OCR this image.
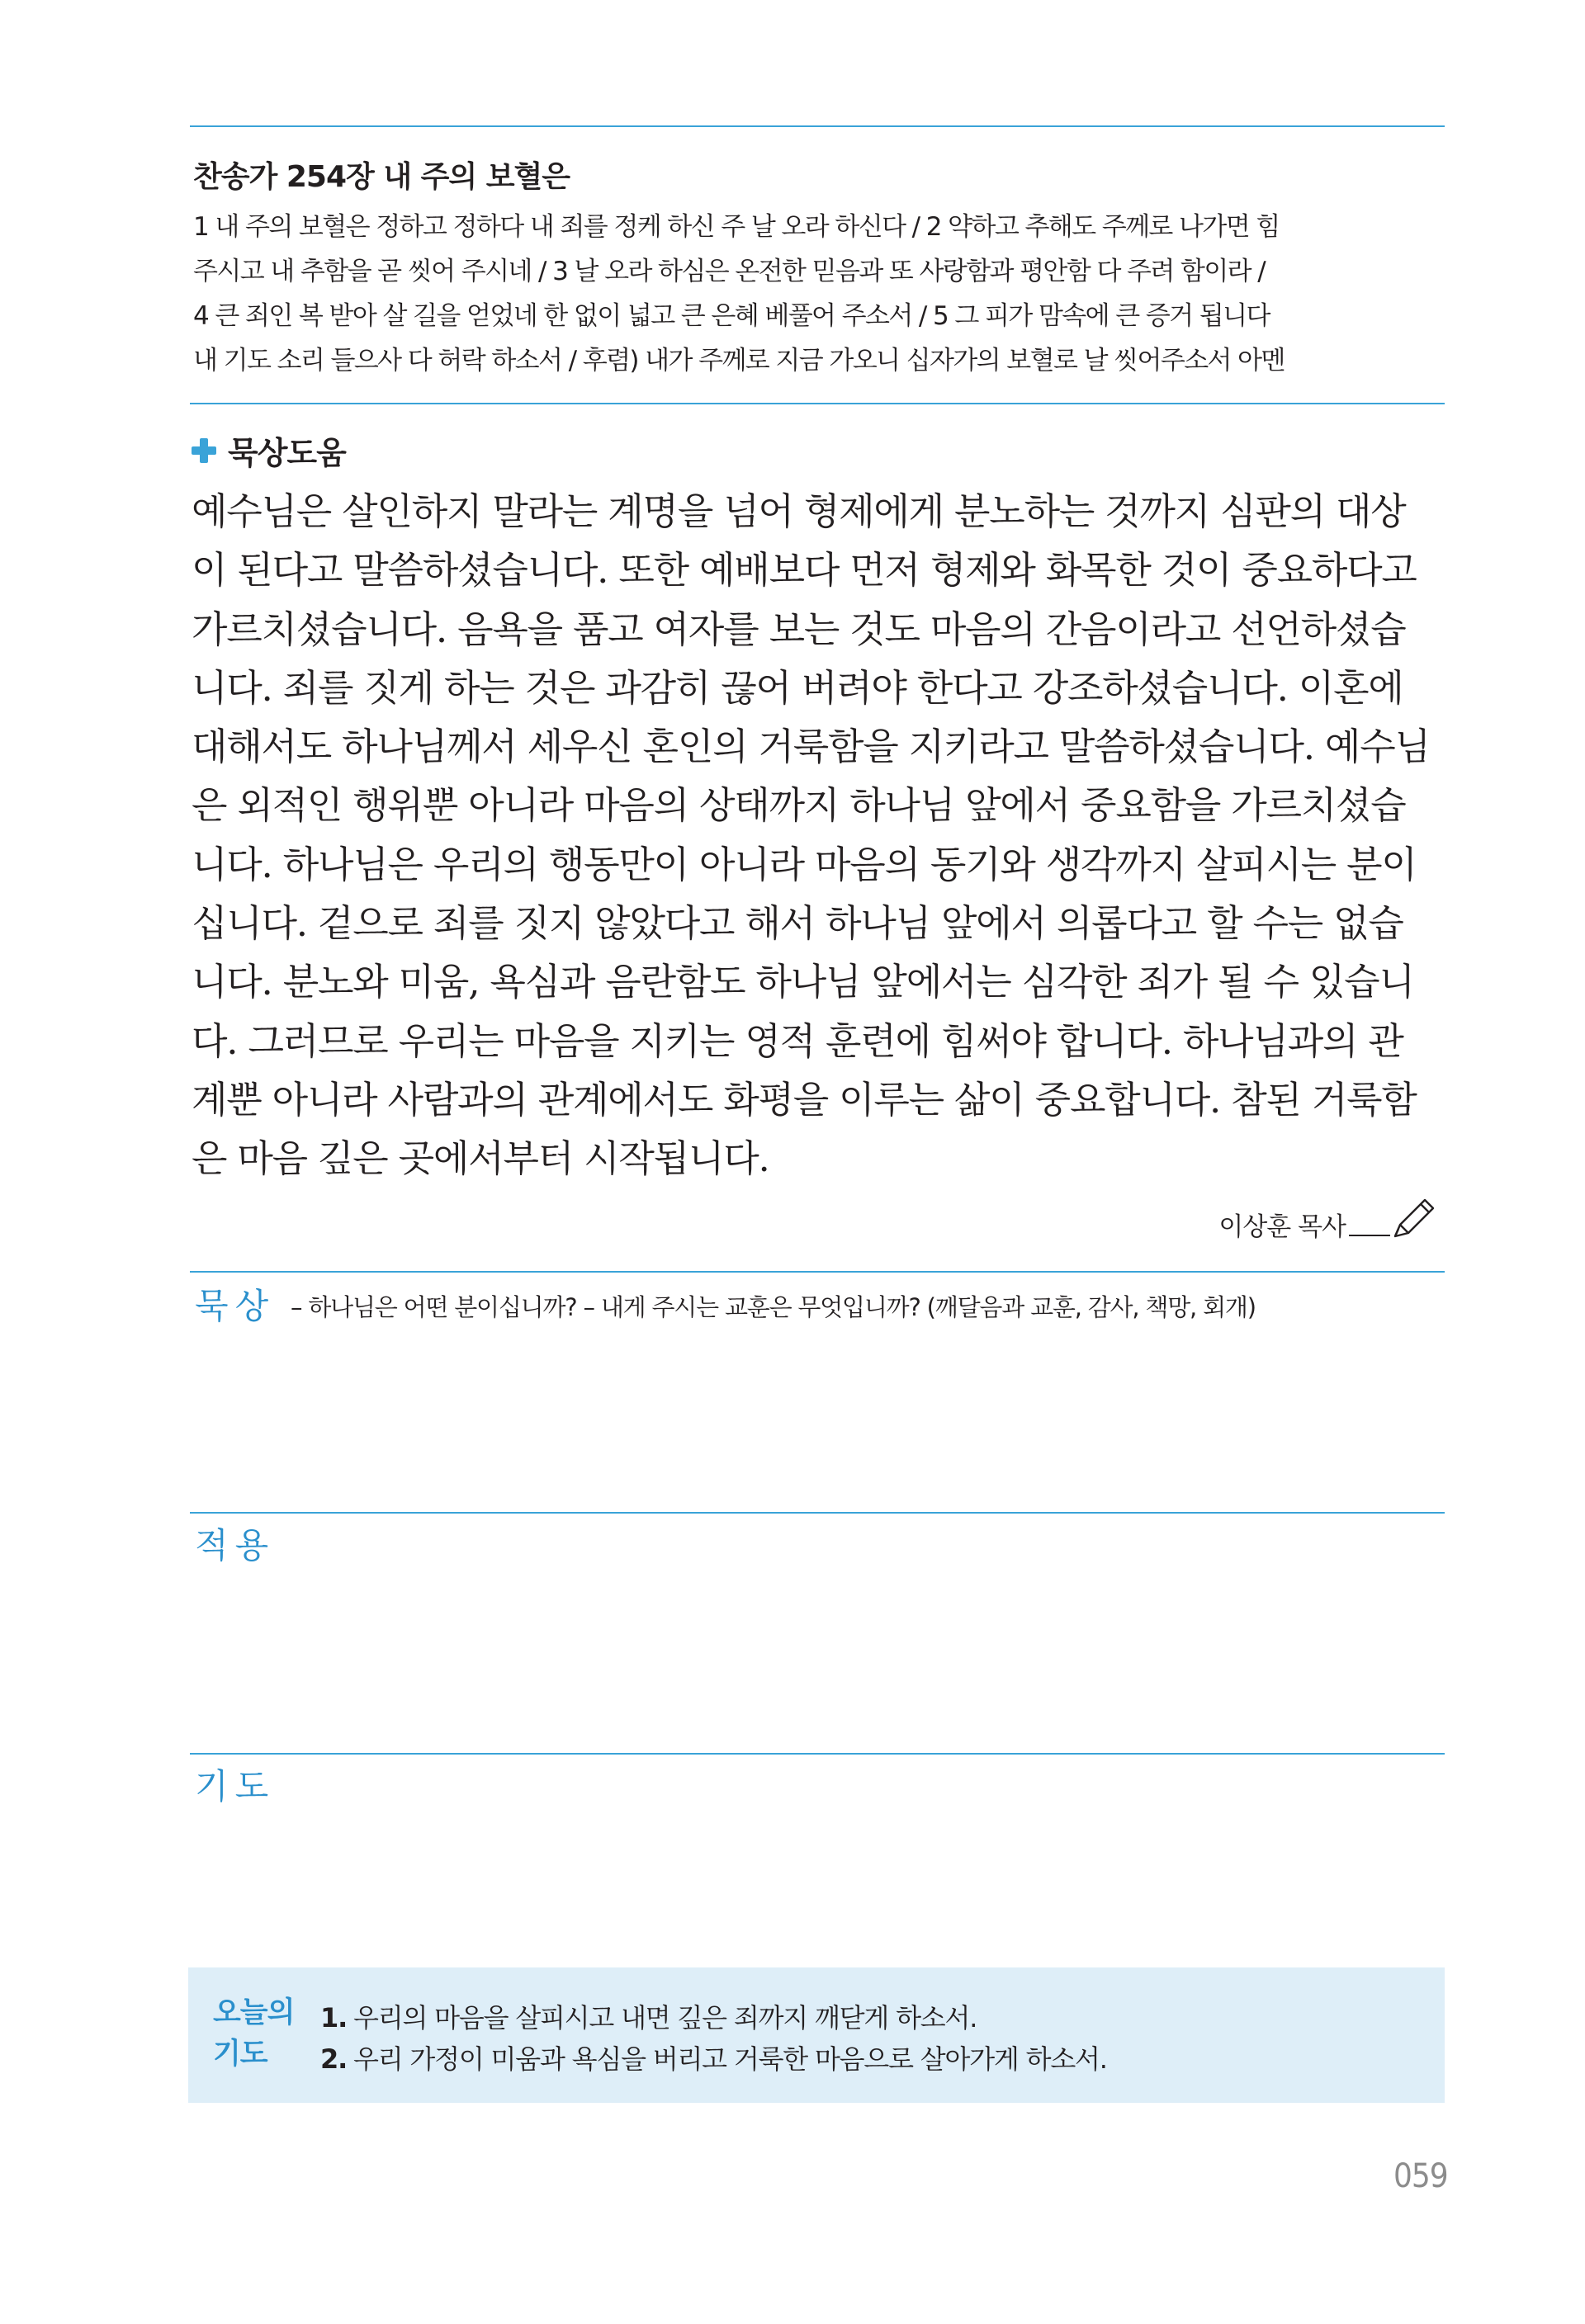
찬송가 254장 내 주의 보혈은
1 내 주의 보혈은 정하고 정하다 내 죄를 정케 하신 주 날 오라 하신다 / 2 약하고 추해도 주께로 나가면 힘
주시고 내 추함을 곧 씻어 주시네 / 3 날 오라 하심은 온전한 믿음과 또 사랑함과 평안함 다 주려 함이라 /
4 큰 죄인 복 받아 살 길을 얻었네 한 없이 넓고 큰 은혜 베풀어 주소서 / 5 그 피가 맘속에 큰 증거 됩니다
내 기도 소리 들으사 다 허락 하소서 / 후렴) 내가 주께로 지금 가오니 십자가의 보혈로 날 씻어주소서 아멘
묵상도움
예수님은 살인하지 말라는 계명을 넘어 형제에게 분노하는 것까지 심판의 대상
이 된다고 말씀하셨습니다. 또한 예배보다 먼저 형제와 화목한 것이 중요하다고
가르치셨습니다. 음욕을 품고 여자를 보는 것도 마음의 간음이라고 선언하셨습
니다. 죄를 짓게 하는 것은 과감히 끊어 버려야 한다고 강조하셨습니다. 이혼에
대해서도 하나님께서 세우신 혼인의 거룩함을 지키라고 말씀하셨습니다. 예수님
은 외적인 행위뿐 아니라 마음의 상태까지 하나님 앞에서 중요함을 가르치셨습
니다. 하나님은 우리의 행동만이 아니라 마음의 동기와 생각까지 살피시는 분이
십니다. 겉으로 죄를 짓지 않았다고 해서 하나님 앞에서 의롭다고 할 수는 없습
니다. 분노와 미움, 욕심과 음란함도 하나님 앞에서는 심각한 죄가 될 수 있습니
다. 그러므로 우리는 마음을 지키는 영적 훈련에 힘써야 합니다. 하나님과의 관
계뿐 아니라 사람과의 관계에서도 화평을 이루는 삶이 중요합니다. 참된 거룩함
은 마음 깊은 곳에서부터 시작됩니다.
이상훈 목사
묵상 – 하나님은 어떤 분이십니까? – 내게 주시는 교훈은 무엇입니까? (깨달음과 교훈, 감사, 책망, 회개)
적용
기도
오늘의
기도
1. 우리의 마음을 살피시고 내면 깊은 죄까지 깨닫게 하소서.
2. 우리 가정이 미움과 욕심을 버리고 거룩한 마음으로 살아가게 하소서.
059
